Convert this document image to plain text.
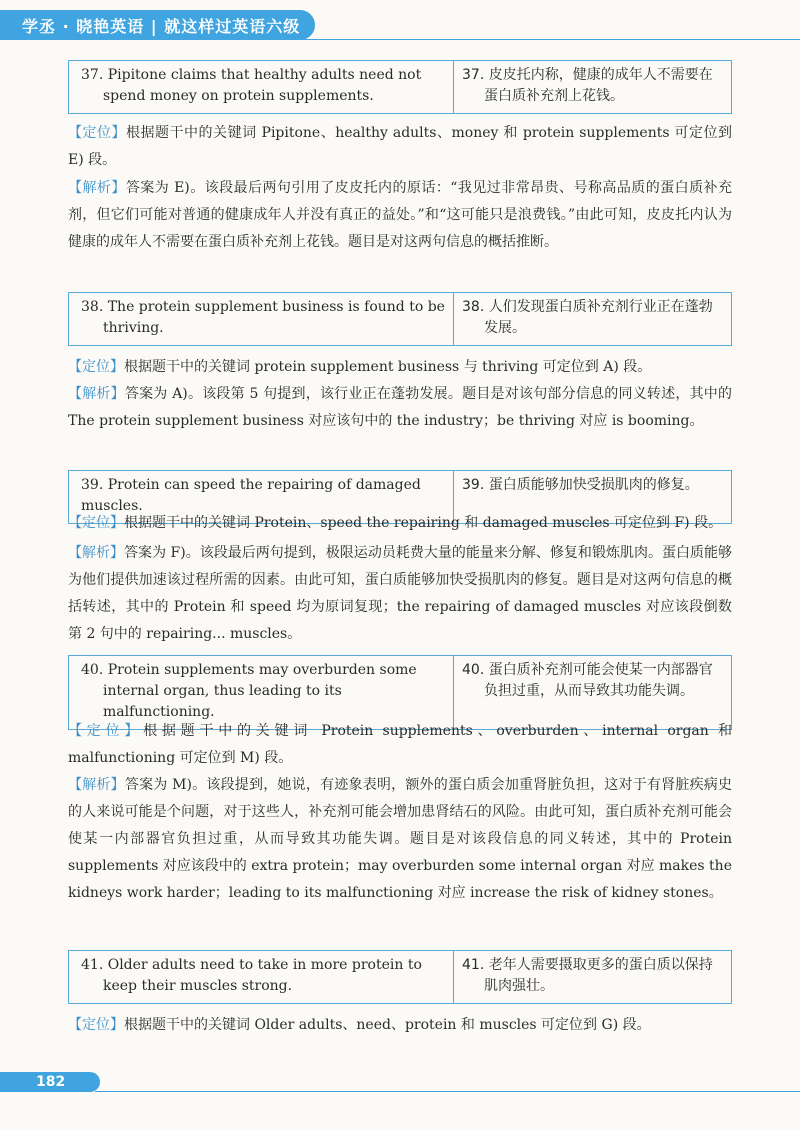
学丞 · 晓艳英语 | 就这样过英语六级
37. Pipitone claims that healthy adults need not spend money on protein supplements.
37. 皮皮托内称，健康的成年人不需要在蛋白质补充剂上花钱。

【定位】根据题干中的关键词 Pipitone、healthy adults、money 和 protein supplements 可定位到 E) 段。

【解析】答案为 E)。该段最后两句引用了皮皮托内的原话：“我见过非常昂贵、号称高品质的蛋白质补充剂，但它们可能对普通的健康成年人并没有真正的益处。”和“这可能只是浪费钱。”由此可知，皮皮托内认为健康的成年人不需要在蛋白质补充剂上花钱。题目是对这两句信息的概括推断。

38. The protein supplement business is found to be thriving.
38. 人们发现蛋白质补充剂行业正在蓬勃发展。

【定位】根据题干中的关键词 protein supplement business 与 thriving 可定位到 A) 段。

【解析】答案为 A)。该段第 5 句提到，该行业正在蓬勃发展。题目是对该句部分信息的同义转述，其中的 The protein supplement business 对应该句中的 the industry；be thriving 对应 is booming。

39. Protein can speed the repairing of damaged muscles.
39. 蛋白质能够加快受损肌肉的修复。

【定位】根据题干中的关键词 Protein、speed the repairing 和 damaged muscles 可定位到 F) 段。

【解析】答案为 F)。该段最后两句提到，极限运动员耗费大量的能量来分解、修复和锻炼肌肉。蛋白质能够为他们提供加速该过程所需的因素。由此可知，蛋白质能够加快受损肌肉的修复。题目是对这两句信息的概括转述，其中的 Protein 和 speed 均为原词复现；the repairing of damaged muscles 对应该段倒数第 2 句中的 repairing... muscles。

40. Protein supplements may overburden some internal organ, thus leading to its malfunctioning.
40. 蛋白质补充剂可能会使某一内部器官负担过重，从而导致其功能失调。

【定位】根据题干中的关键词 Protein supplements、overburden、internal organ 和 malfunctioning 可定位到 M) 段。

【解析】答案为 M)。该段提到，她说，有迹象表明，额外的蛋白质会加重肾脏负担，这对于有肾脏疾病史的人来说可能是个问题，对于这些人，补充剂可能会增加患肾结石的风险。由此可知，蛋白质补充剂可能会使某一内部器官负担过重，从而导致其功能失调。题目是对该段信息的同义转述，其中的 Protein supplements 对应该段中的 extra protein；may overburden some internal organ 对应 makes the kidneys work harder；leading to its malfunctioning 对应 increase the risk of kidney stones。

41. Older adults need to take in more protein to keep their muscles strong.
41. 老年人需要摄取更多的蛋白质以保持肌肉强壮。

【定位】根据题干中的关键词 Older adults、need、protein 和 muscles 可定位到 G) 段。

182
